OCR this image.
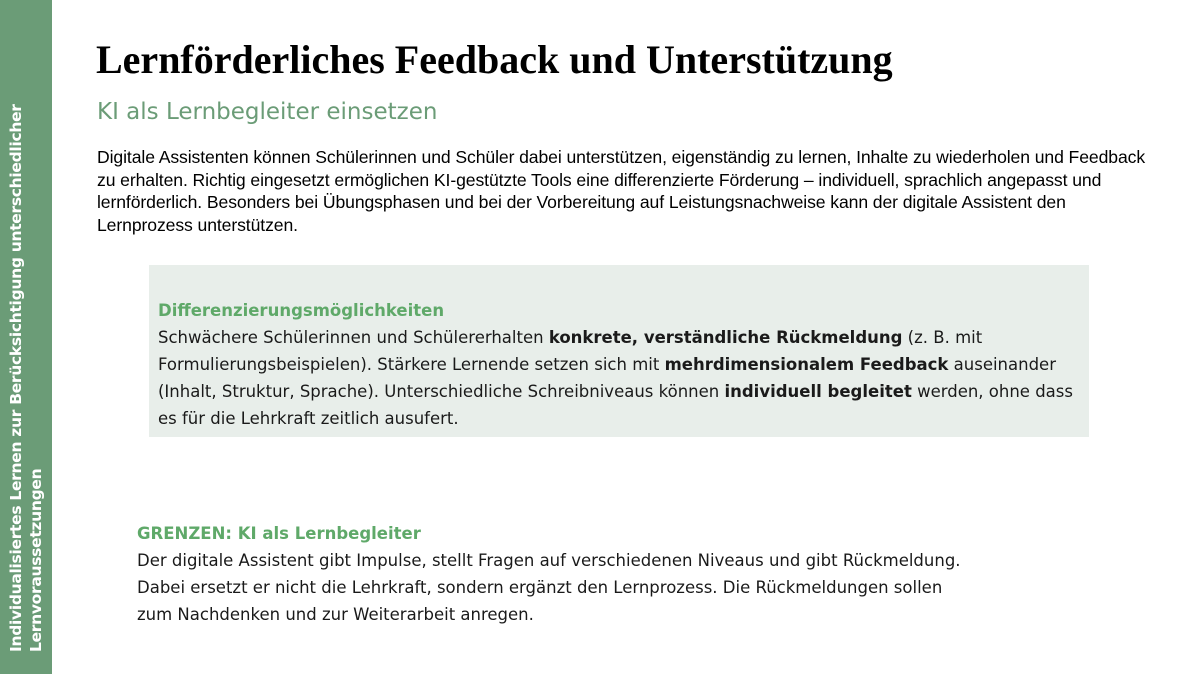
Individualisiertes Lernen zur Berücksichtigung unterschiedlicher Lernvoraussetzungen
Lernförderliches Feedback und Unterstützung
KI als Lernbegleiter einsetzen
Digitale Assistenten können Schülerinnen und Schüler dabei unterstützen, eigenständig zu lernen, Inhalte zu wiederholen und Feedback zu erhalten. Richtig eingesetzt ermöglichen KI-gestützte Tools eine differenzierte Förderung – individuell, sprachlich angepasst und lernförderlich. Besonders bei Übungsphasen und bei der Vorbereitung auf Leistungsnachweise kann der digitale Assistent den Lernprozess unterstützen.
Differenzierungsmöglichkeiten
Schwächere Schülerinnen und Schülererhalten konkrete, verständliche Rückmeldung (z. B. mit Formulierungsbeispielen). Stärkere Lernende setzen sich mit mehrdimensionalem Feedback auseinander (Inhalt, Struktur, Sprache). Unterschiedliche Schreibniveaus können individuell begleitet werden, ohne dass es für die Lehrkraft zeitlich ausufert.
GRENZEN: KI als Lernbegleiter
Der digitale Assistent gibt Impulse, stellt Fragen auf verschiedenen Niveaus und gibt Rückmeldung.
Dabei ersetzt er nicht die Lehrkraft, sondern ergänzt den Lernprozess. Die Rückmeldungen sollen
zum Nachdenken und zur Weiterarbeit anregen.
